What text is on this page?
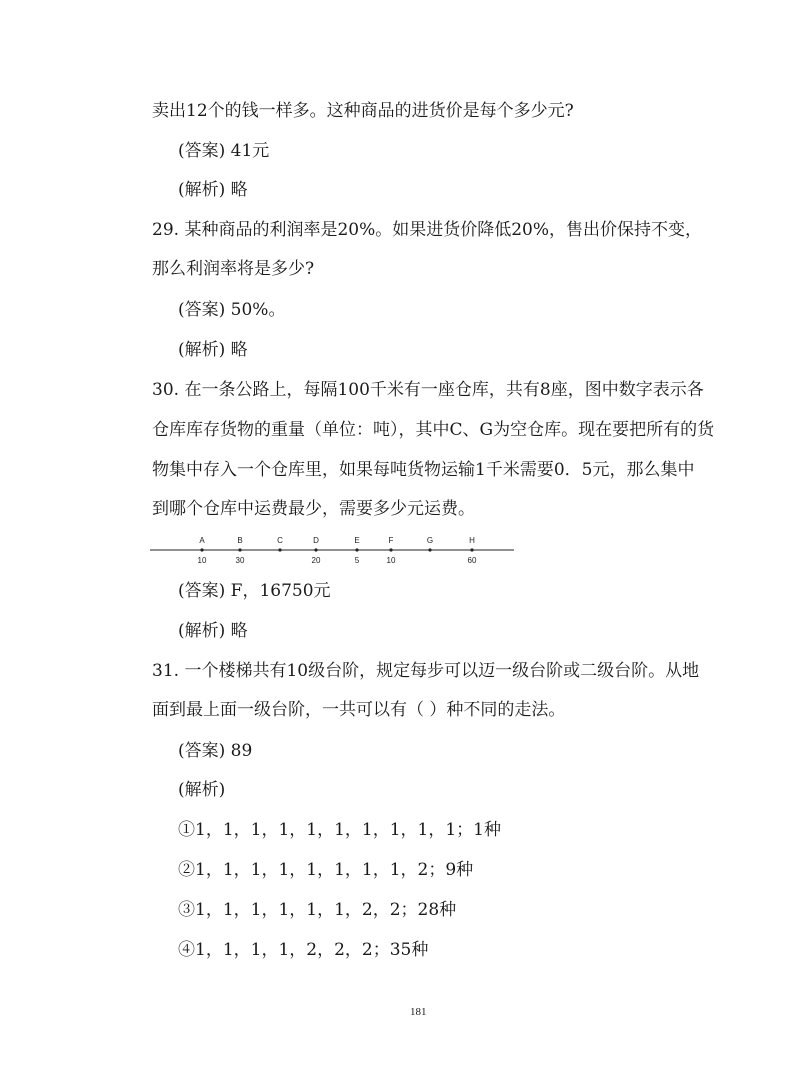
卖出12个的钱一样多。这种商品的进货价是每个多少元?
(答案) 41元
(解析) 略
29. 某种商品的利润率是20%。如果进货价降低20%，售出价保持不变，
那么利润率将是多少?
(答案) 50%。
(解析) 略
30. 在一条公路上，每隔100千米有一座仓库，共有8座，图中数字表示各
仓库库存货物的重量（单位：吨），其中C、G为空仓库。现在要把所有的货
物集中存入一个仓库里，如果每吨货物运输1千米需要0．5元，那么集中
到哪个仓库中运费最少，需要多少元运费。
A
10
B
30
C	D
20
E
5
F
10
G	H
60
(答案) F，16750元
(解析) 略
31. 一个楼梯共有10级台阶，规定每步可以迈一级台阶或二级台阶。从地
面到最上面一级台阶，一共可以有（ ）种不同的走法。
(答案) 89
(解析)
①1，1，1，1，1，1，1，1，1，1；1种
②1，1，1，1，1，1，1，1，2；9种
③1，1，1，1，1，1，2，2；28种
④1，1，1，1，2，2，2；35种
181
